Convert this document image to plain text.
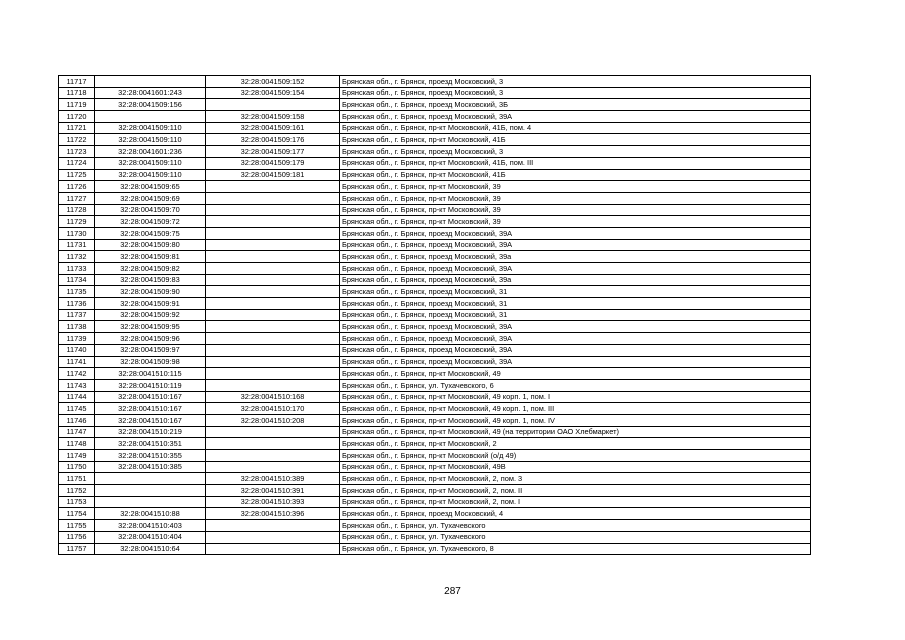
11717		32:28:0041509:152	Брянская обл., г. Брянск, проезд Московский, 3
11718	32:28:0041601:243	32:28:0041509:154	Брянская обл., г. Брянск, проезд Московский, 3
11719	32:28:0041509:156		Брянская обл., г. Брянск, проезд Московский, 3Б
11720		32:28:0041509:158	Брянская обл., г. Брянск, проезд Московский, 39А
11721	32:28:0041509:110	32:28:0041509:161	Брянская обл., г. Брянск, пр-кт Московский, 41Б, пом. 4
11722	32:28:0041509:110	32:28:0041509:176	Брянская обл., г. Брянск, пр-кт Московский, 41Б
11723	32:28:0041601:236	32:28:0041509:177	Брянская обл., г. Брянск, проезд Московский, 3
11724	32:28:0041509:110	32:28:0041509:179	Брянская обл., г. Брянск, пр-кт Московский, 41Б, пом. III
11725	32:28:0041509:110	32:28:0041509:181	Брянская обл., г. Брянск, пр-кт Московский, 41Б
11726	32:28:0041509:65		Брянская обл., г. Брянск, пр-кт Московский, 39
11727	32:28:0041509:69		Брянская обл., г. Брянск, пр-кт Московский, 39
11728	32:28:0041509:70		Брянская обл., г. Брянск, пр-кт Московский, 39
11729	32:28:0041509:72		Брянская обл., г. Брянск, пр-кт Московский, 39
11730	32:28:0041509:75		Брянская обл., г. Брянск, проезд Московский, 39А
11731	32:28:0041509:80		Брянская обл., г. Брянск, проезд Московский, 39А
11732	32:28:0041509:81		Брянская обл., г. Брянск, проезд Московский, 39а
11733	32:28:0041509:82		Брянская обл., г. Брянск, проезд Московский, 39А
11734	32:28:0041509:83		Брянская обл., г. Брянск, проезд Московский, 39а
11735	32:28:0041509:90		Брянская обл., г. Брянск, проезд Московский, 31
11736	32:28:0041509:91		Брянская обл., г. Брянск, проезд Московский, 31
11737	32:28:0041509:92		Брянская обл., г. Брянск, проезд Московский, 31
11738	32:28:0041509:95		Брянская обл., г. Брянск, проезд Московский, 39А
11739	32:28:0041509:96		Брянская обл., г. Брянск, проезд Московский, 39А
11740	32:28:0041509:97		Брянская обл., г. Брянск, проезд Московский, 39А
11741	32:28:0041509:98		Брянская обл., г. Брянск, проезд Московский, 39А
11742	32:28:0041510:115		Брянская обл., г. Брянск, пр-кт Московский, 49
11743	32:28:0041510:119		Брянская обл., г. Брянск, ул. Тухачевского, 6
11744	32:28:0041510:167	32:28:0041510:168	Брянская обл., г. Брянск, пр-кт Московский, 49 корп. 1, пом. I
11745	32:28:0041510:167	32:28:0041510:170	Брянская обл., г. Брянск, пр-кт Московский, 49 корп. 1, пом. III
11746	32:28:0041510:167	32:28:0041510:208	Брянская обл., г. Брянск, пр-кт Московский, 49 корп. 1, пом. IV
11747	32:28:0041510:219		Брянская обл., г. Брянск, пр-кт Московский, 49 (на территории ОАО Хлебмаркет)
11748	32:28:0041510:351		Брянская обл., г. Брянск, пр-кт Московский, 2
11749	32:28:0041510:355		Брянская обл., г. Брянск, пр-кт Московский (о/д 49)
11750	32:28:0041510:385		Брянская обл., г. Брянск, пр-кт Московский, 49В
11751		32:28:0041510:389	Брянская обл., г. Брянск, пр-кт Московский, 2, пом. 3
11752		32:28:0041510:391	Брянская обл., г. Брянск, пр-кт Московский, 2, пом. II
11753		32:28:0041510:393	Брянская обл., г. Брянск, пр-кт Московский, 2, пом. I
11754	32:28:0041510:88	32:28:0041510:396	Брянская обл., г. Брянск, проезд Московский, 4
11755	32:28:0041510:403		Брянская обл., г. Брянск, ул. Тухачевского
11756	32:28:0041510:404		Брянская обл., г. Брянск, ул. Тухачевского
11757	32:28:0041510:64		Брянская обл., г. Брянск, ул. Тухачевского, 8
287
